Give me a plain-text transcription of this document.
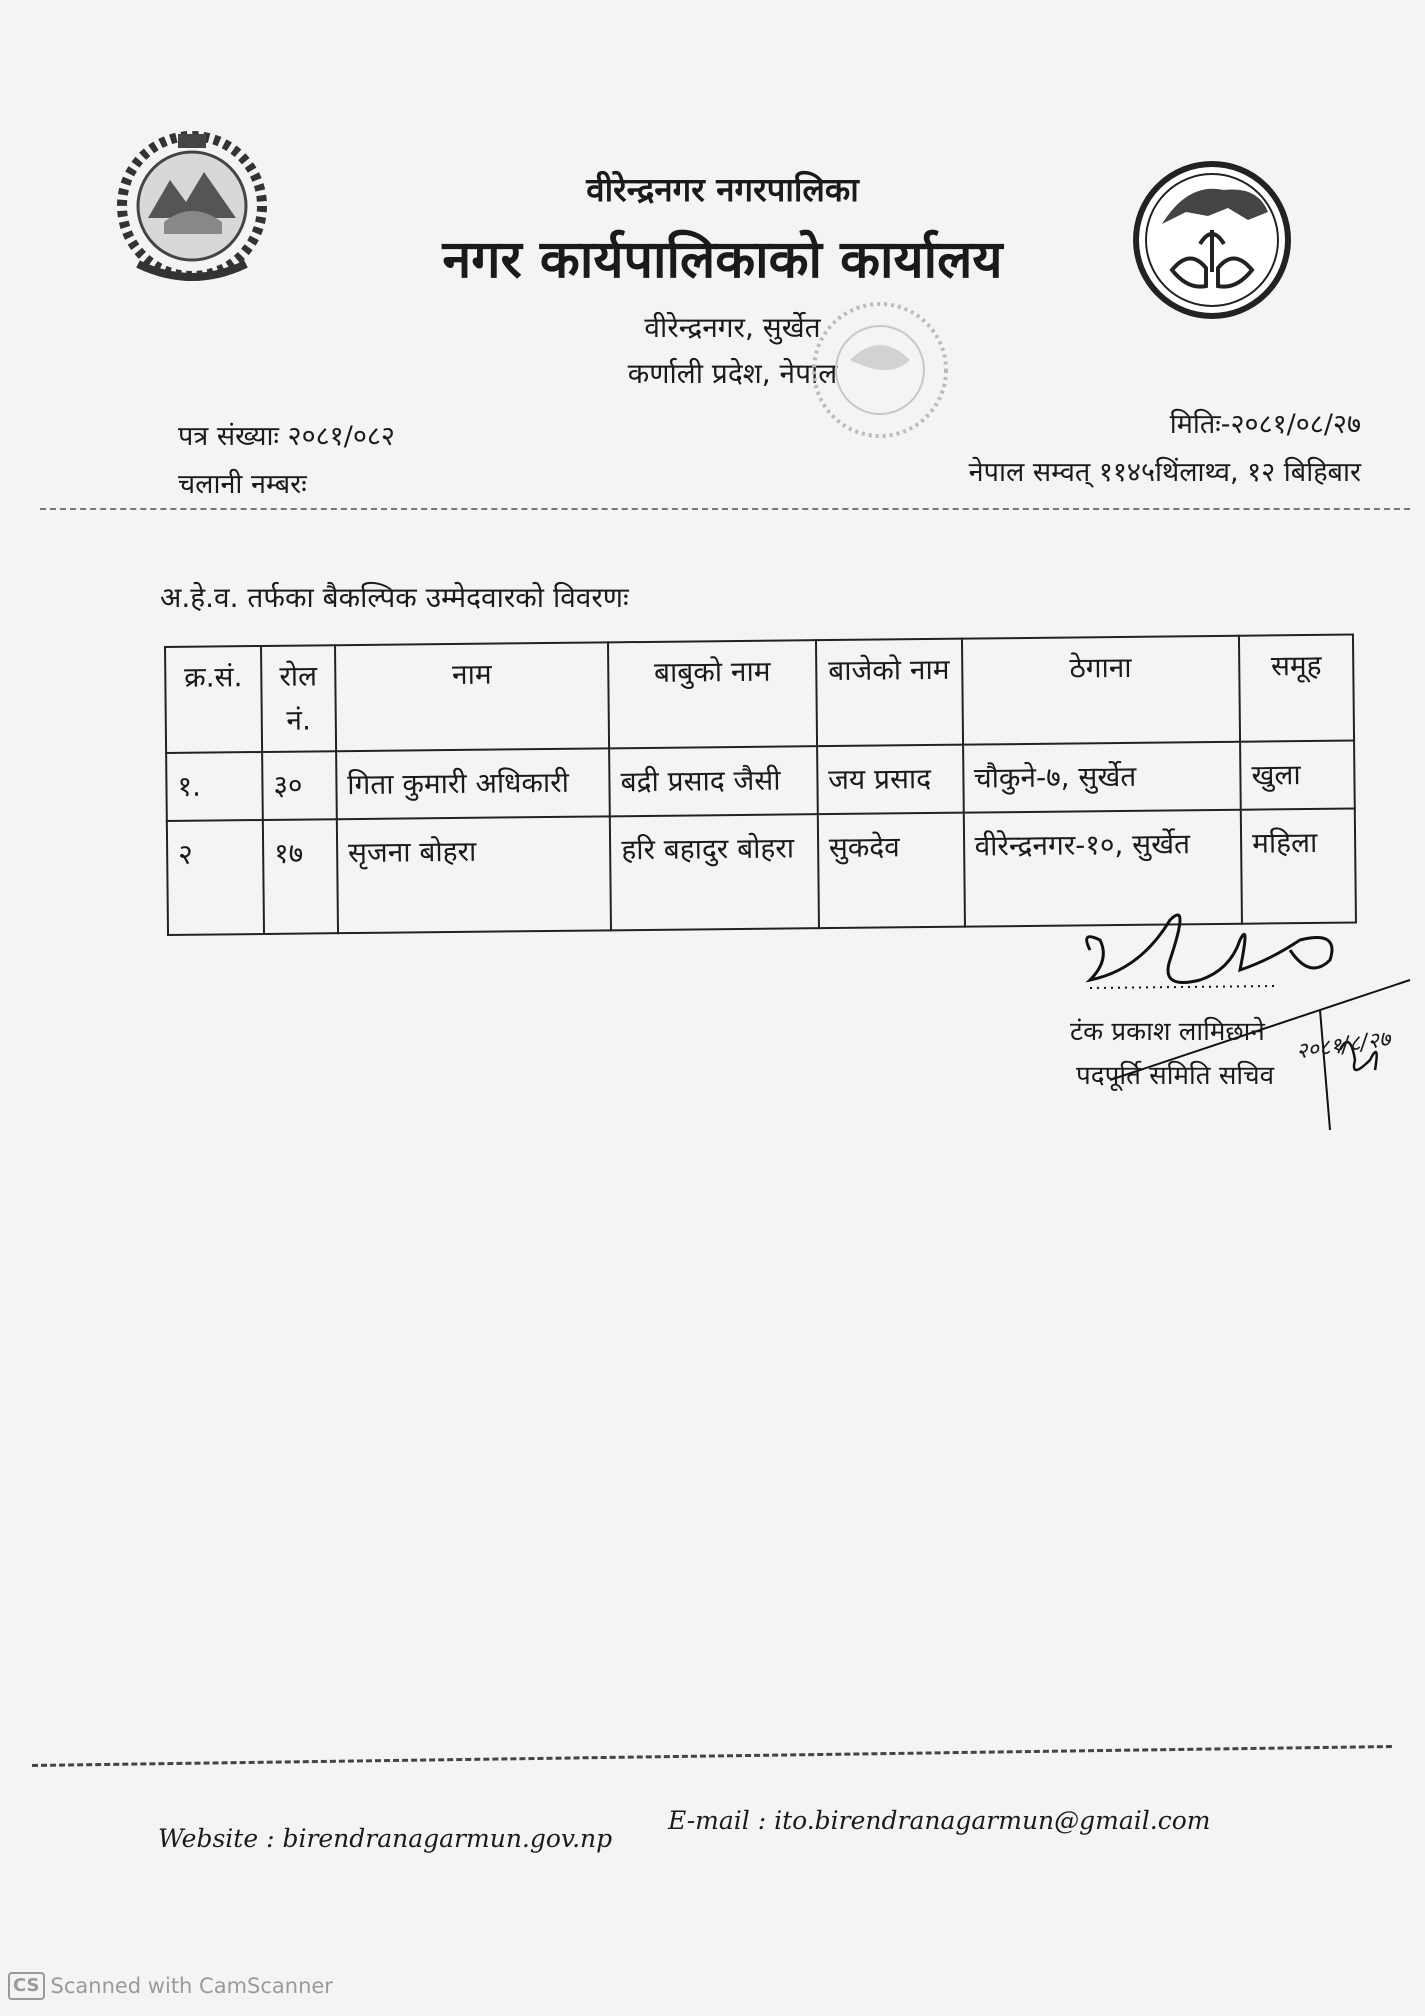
वीरेन्द्रनगर नगरपालिका
नगर कार्यपालिकाको कार्यालय
वीरेन्द्रनगर, सुर्खेत
कर्णाली प्रदेश, नेपाल
पत्र संख्याः २०८१/०८२
चलानी नम्बरः
मितिः-२०८१/०८/२७
नेपाल सम्वत् ११४५थिंलाथ्व, १२ बिहिबार
अ.हे.व. तर्फका बैकल्पिक उम्मेदवारको विवरणः
क्र.सं.	रोल नं.	नाम	बाबुको नाम	बाजेको नाम	ठेगाना	समूह
१.	३०	गिता कुमारी अधिकारी	बद्री प्रसाद जैसी	जय प्रसाद	चौकुने-७, सुर्खेत	खुला
२	१७	सृजना बोहरा	हरि बहादुर बोहरा	सुकदेव	वीरेन्द्रनगर-१०, सुर्खेत	महिला
टंक प्रकाश लामिछाने
पदपूर्ति समिति सचिव
२०८१/८/२७
Website : birendranagarmun.gov.np
E-mail : ito.birendranagarmun@gmail.com
CS Scanned with CamScanner
